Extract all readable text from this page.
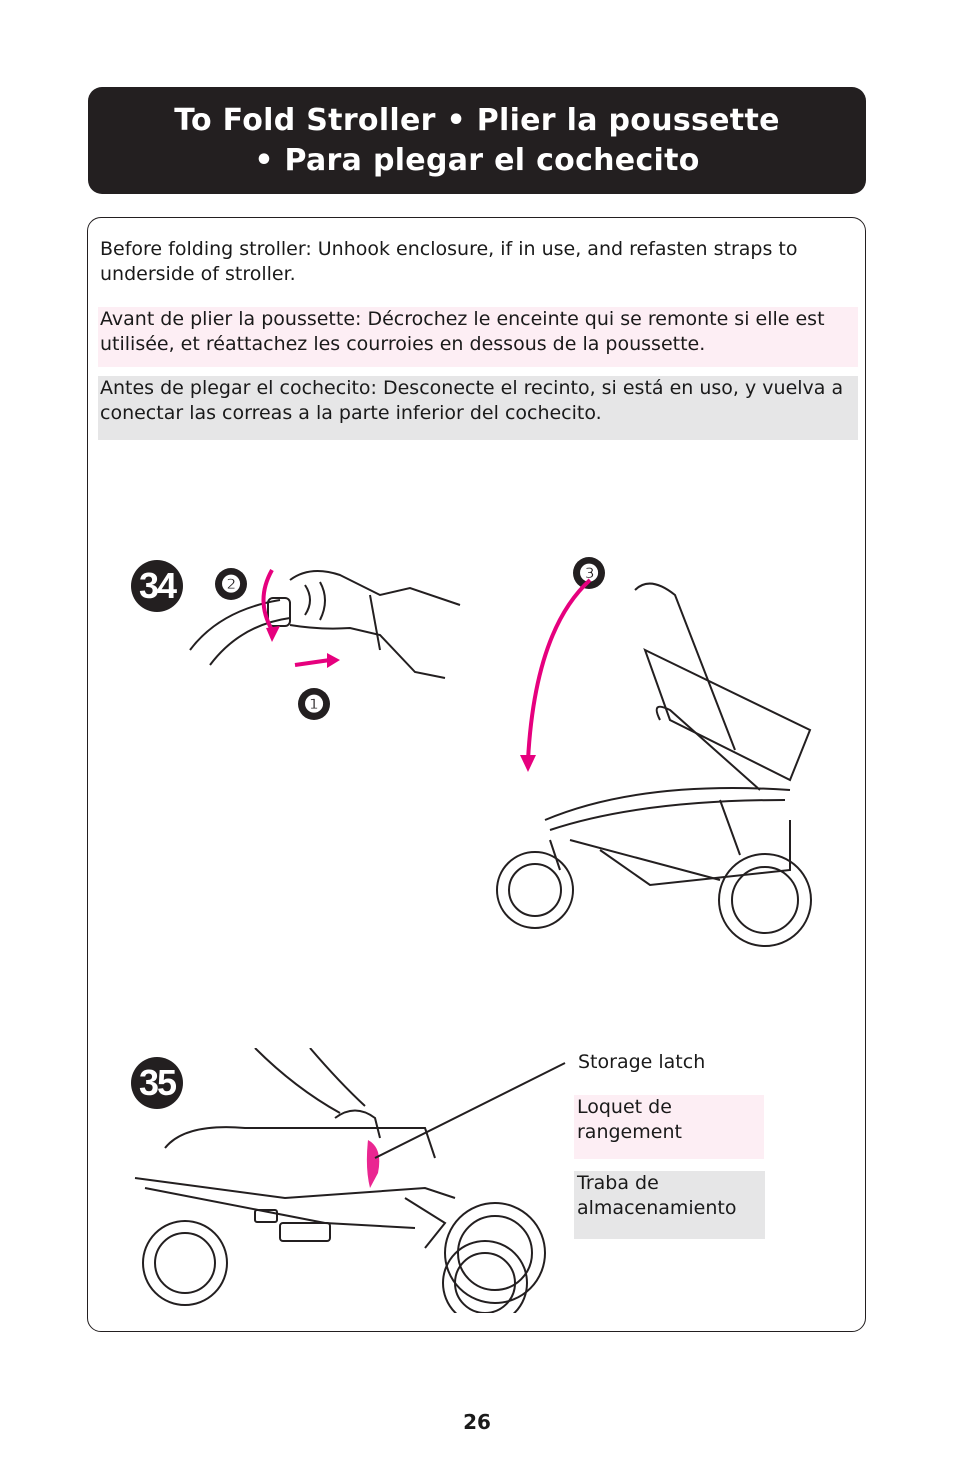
To Fold Stroller • Plier la poussette
• Para plegar el cochecito
Before folding stroller: Unhook enclosure, if in use, and refasten straps to underside of stroller.
Avant de plier la poussette: Décrochez le enceinte qui se remonte si elle est utilisée, et réattachez les courroies en dessous de la poussette.
Antes de plegar el cochecito: Desconecte el recinto, si está en uso, y vuelva a conectar las correas a la parte inferior del cochecito.
34	❷
❶
❸
35	Storage latch
Loquet de rangement
Traba de almacenamiento
26
